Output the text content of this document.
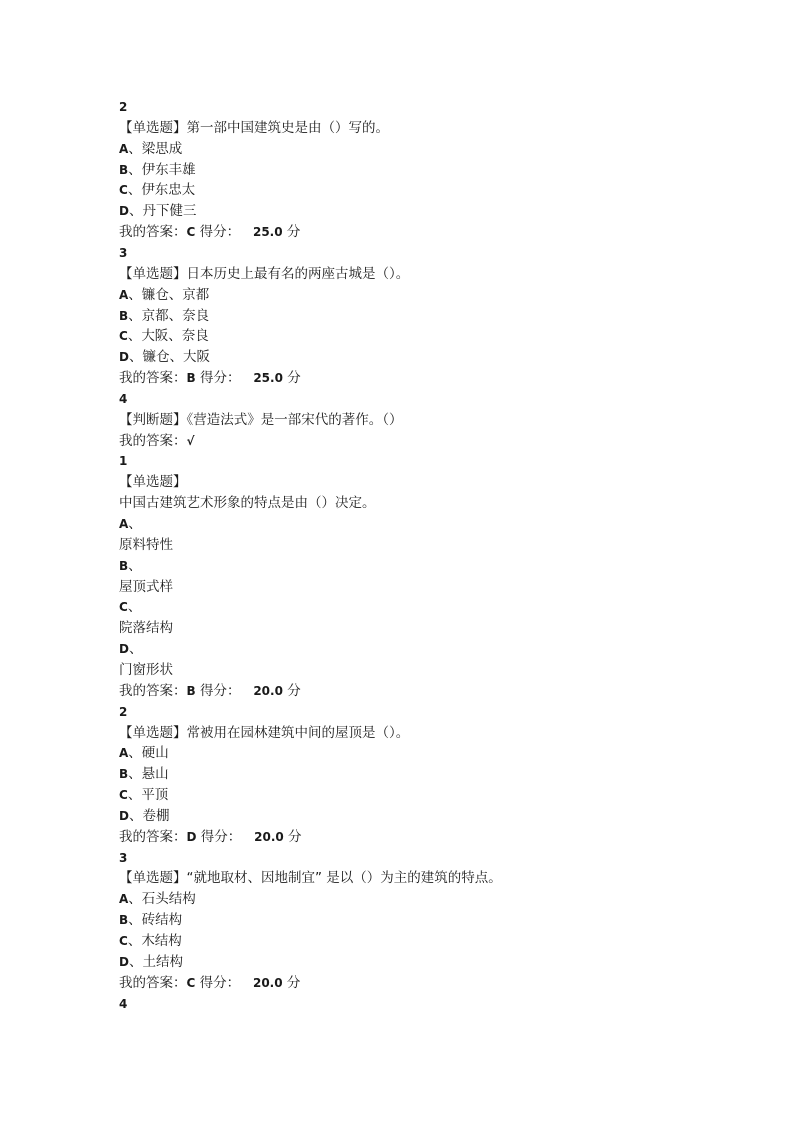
2
【单选题】第一部中国建筑史是由（）写的。
A、梁思成
B、伊东丰雄
C、伊东忠太
D、丹下健三
我的答案：C 得分： 25.0 分
3
【单选题】日本历史上最有名的两座古城是（）。
A、镰仓、京都
B、京都、奈良
C、大阪、奈良
D、镰仓、大阪
我的答案：B 得分： 25.0 分
4
【判断题】《营造法式》是一部宋代的著作。（）
我的答案：√
1
【单选题】
中国古建筑艺术形象的特点是由（）决定。
A、
原料特性
B、
屋顶式样
C、
院落结构
D、
门窗形状
我的答案：B 得分： 20.0 分
2
【单选题】常被用在园林建筑中间的屋顶是（）。
A、硬山
B、悬山
C、平顶
D、卷棚
我的答案：D 得分： 20.0 分
3
【单选题】“就地取材、因地制宜” 是以（）为主的建筑的特点。
A、石头结构
B、砖结构
C、木结构
D、土结构
我的答案：C 得分： 20.0 分
4
